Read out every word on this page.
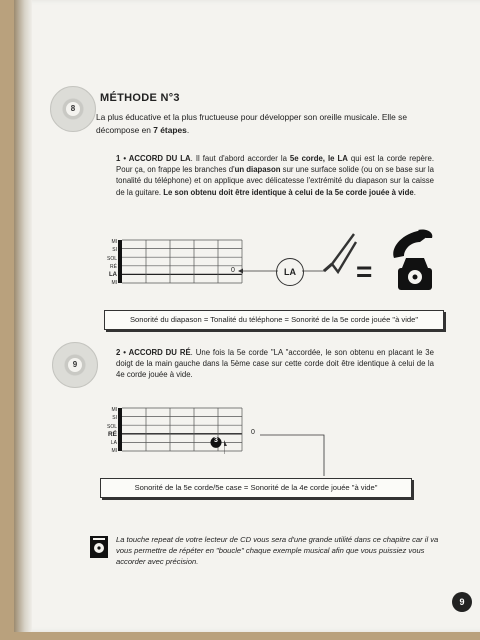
8
MÉTHODE N°3
La plus éducative et la plus fructueuse pour développer son oreille musicale. Elle se décompose en 7 étapes.
1 • ACCORD DU LA. Il faut d'abord accorder la 5e corde, le LA qui est la corde repère. Pour ça, on frappe les branches d'un diapason sur une surface solide (ou on se base sur la tonalité du téléphone) et on applique avec délicatesse l'extrémité du diapason sur la caisse de la guitare. Le son obtenu doit être identique à celui de la 5e corde jouée à vide.
MI
SI
SOL
RÉ
LA
MI
0	LA =
Sonorité du diapason = Tonalité du téléphone = Sonorité de la 5e corde jouée "à vide"
9
2 • ACCORD DU RÉ. Une fois la 5e corde "LA "accordée, le son obtenu en placant le 3e doigt de la main gauche dans la 5ème case sur cette corde doit être identique à celui de la 4e corde jouée à vide.
MI
SI
SOL
RÉ
LA
MI
3
0
Sonorité de la 5e corde/5e case = Sonorité de la 4e corde jouée "à vide"
La touche repeat de votre lecteur de CD vous sera d'une grande utilité dans ce chapitre car il va vous permettre de répéter en "boucle" chaque exemple musical afin que vous puissiez vous accorder avec précision.
9
